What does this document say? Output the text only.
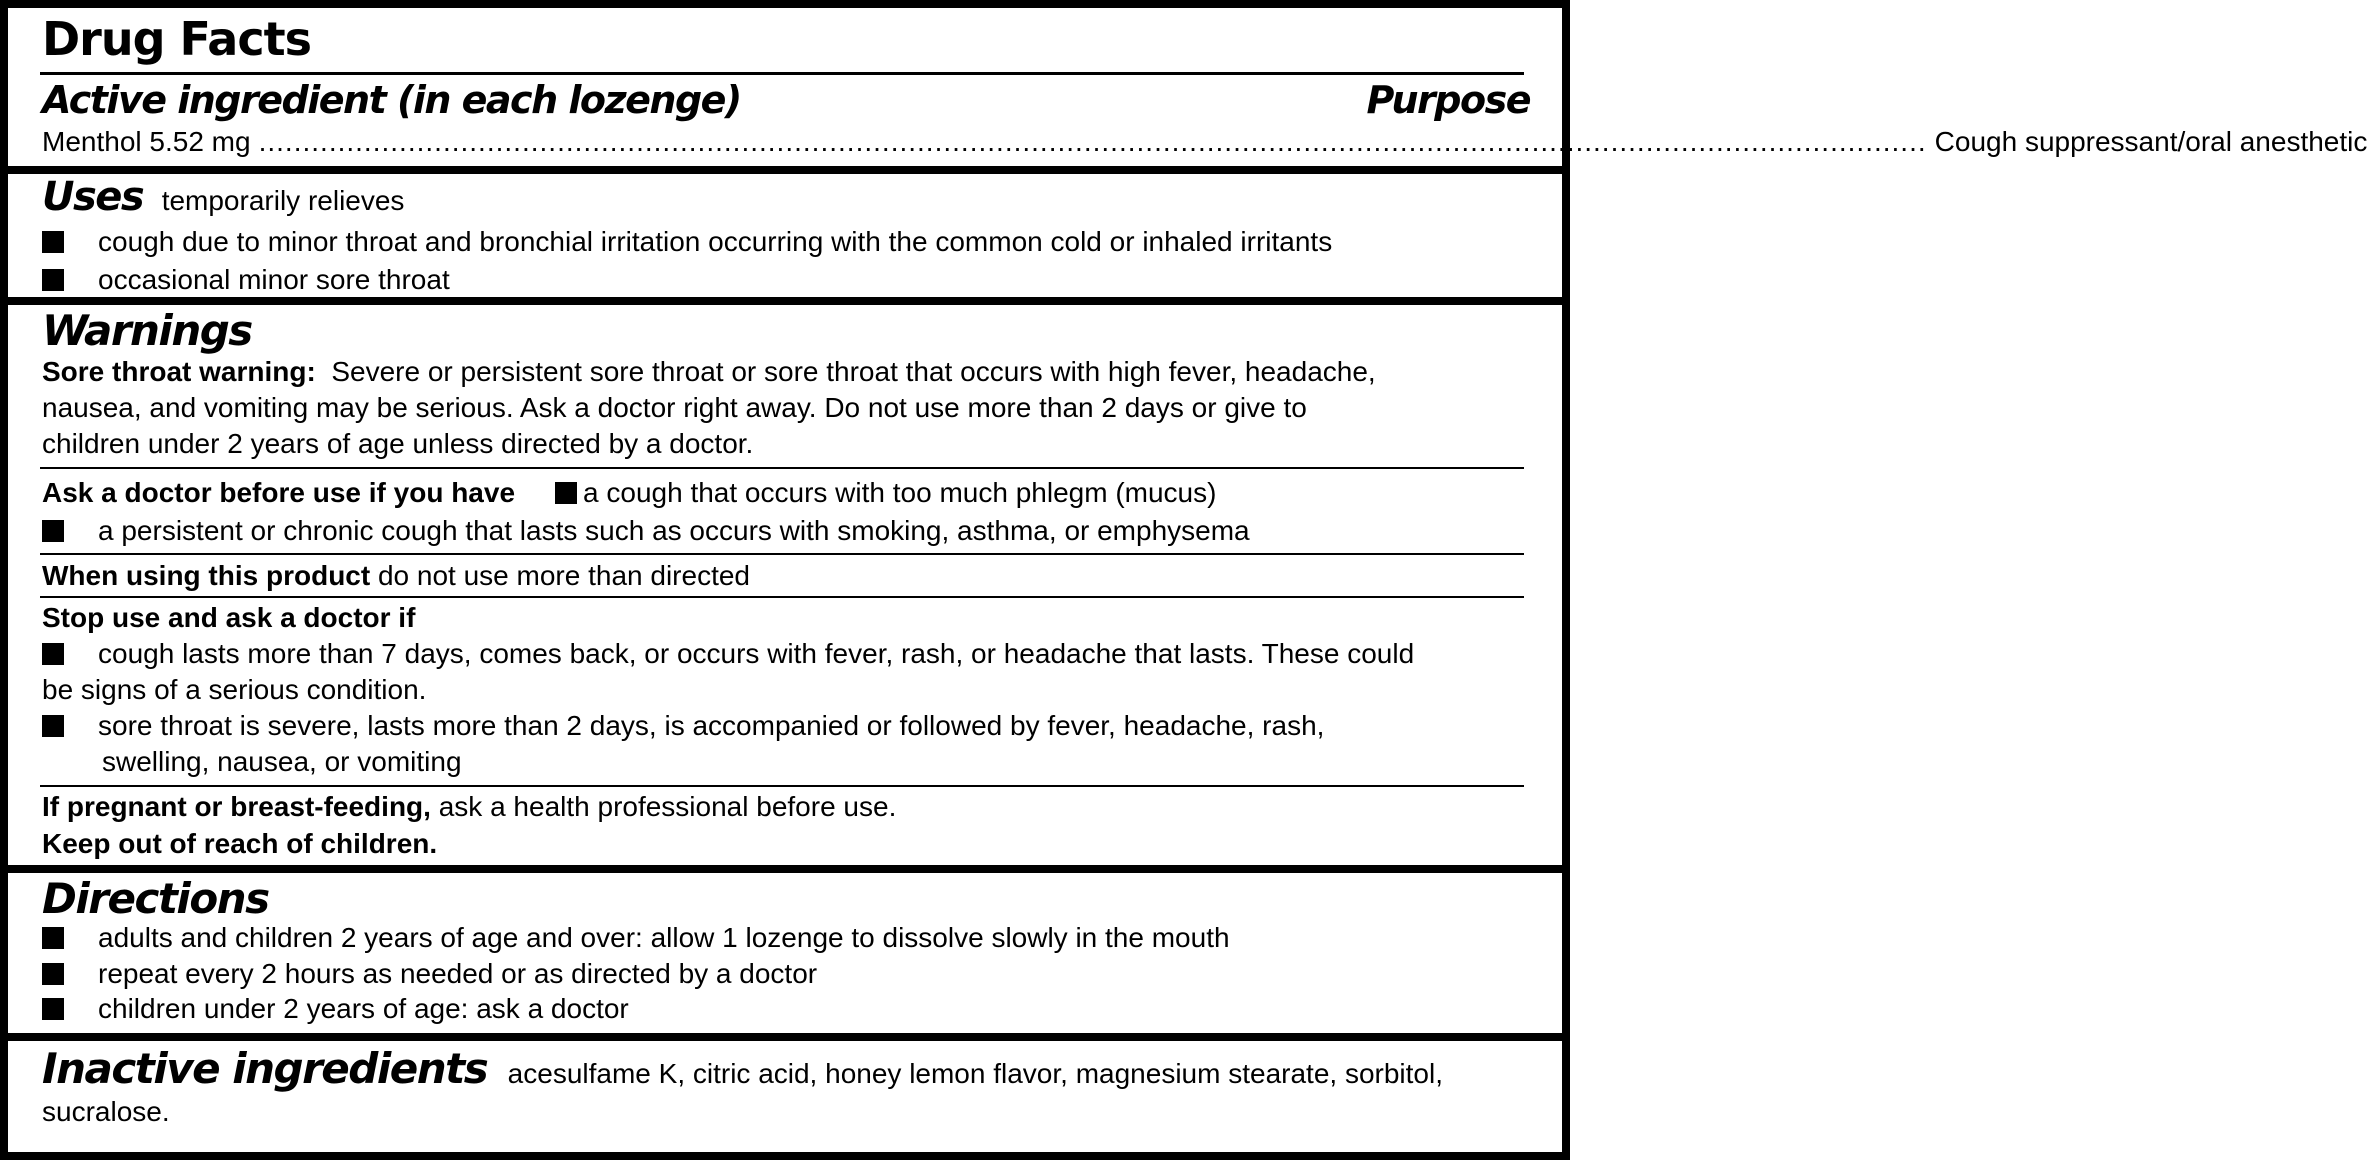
Drug Facts
Active ingredient (in each lozenge)	Purpose
Menthol 5.52 mg .............................................................................................................................................................................................. Cough suppressant/oral anesthetic
Uses temporarily relieves
cough due to minor throat and bronchial irritation occurring with the common cold or inhaled irritants
occasional minor sore throat
Warnings
Sore throat warning: Severe or persistent sore throat or sore throat that occurs with high fever, headache,
nausea, and vomiting may be serious. Ask a doctor right away. Do not use more than 2 days or give to
children under 2 years of age unless directed by a doctor.
Ask a doctor before use if you have a cough that occurs with too much phlegm (mucus)
a persistent or chronic cough that lasts such as occurs with smoking, asthma, or emphysema
When using this product do not use more than directed
Stop use and ask a doctor if
cough lasts more than 7 days, comes back, or occurs with fever, rash, or headache that lasts. These could
be signs of a serious condition.
sore throat is severe, lasts more than 2 days, is accompanied or followed by fever, headache, rash,
swelling, nausea, or vomiting
If pregnant or breast-feeding, ask a health professional before use.
Keep out of reach of children.
Directions
adults and children 2 years of age and over: allow 1 lozenge to dissolve slowly in the mouth
repeat every 2 hours as needed or as directed by a doctor
children under 2 years of age: ask a doctor
Inactive ingredients acesulfame K, citric acid, honey lemon flavor, magnesium stearate, sorbitol,
sucralose.
